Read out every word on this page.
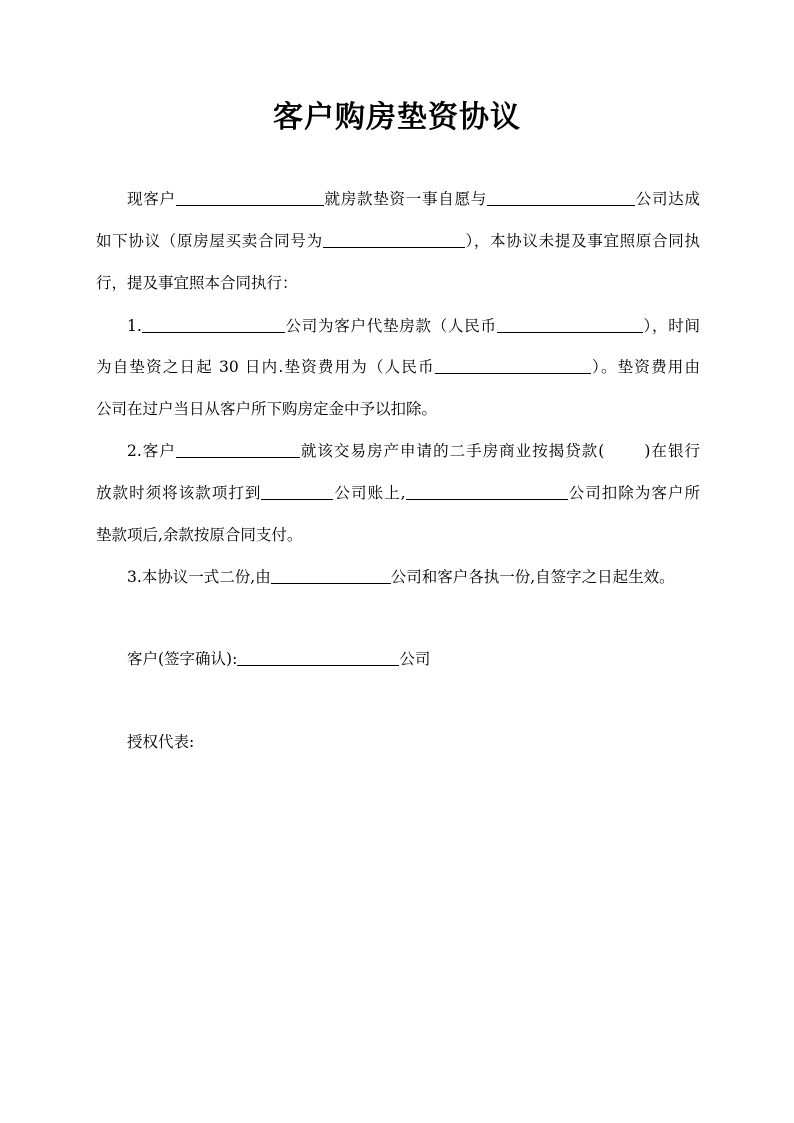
客户购房垫资协议
现客户	就房款垫资一事自愿与	公司达成
如下协议（原房屋买卖合同号为	），本协议未提及事宜照原合同执
行，提及事宜照本合同执行：
1.	公司为客户代垫房款（人民币	），时间
为自垫资之日起 30 日内.垫资费用为（人民币	）。垫资费用由
公司在过户当日从客户所下购房定金中予以扣除。
2.客户	就该交易房产申请的二手房商业按揭贷款(	)在银行
放款时须将该款项打到	公司账上,	公司扣除为客户所
垫款项后,余款按原合同支付。
3.本协议一式二份,由	公司和客户各执一份,自签字之日起生效。
客户(签字确认):	公司
授权代表:
